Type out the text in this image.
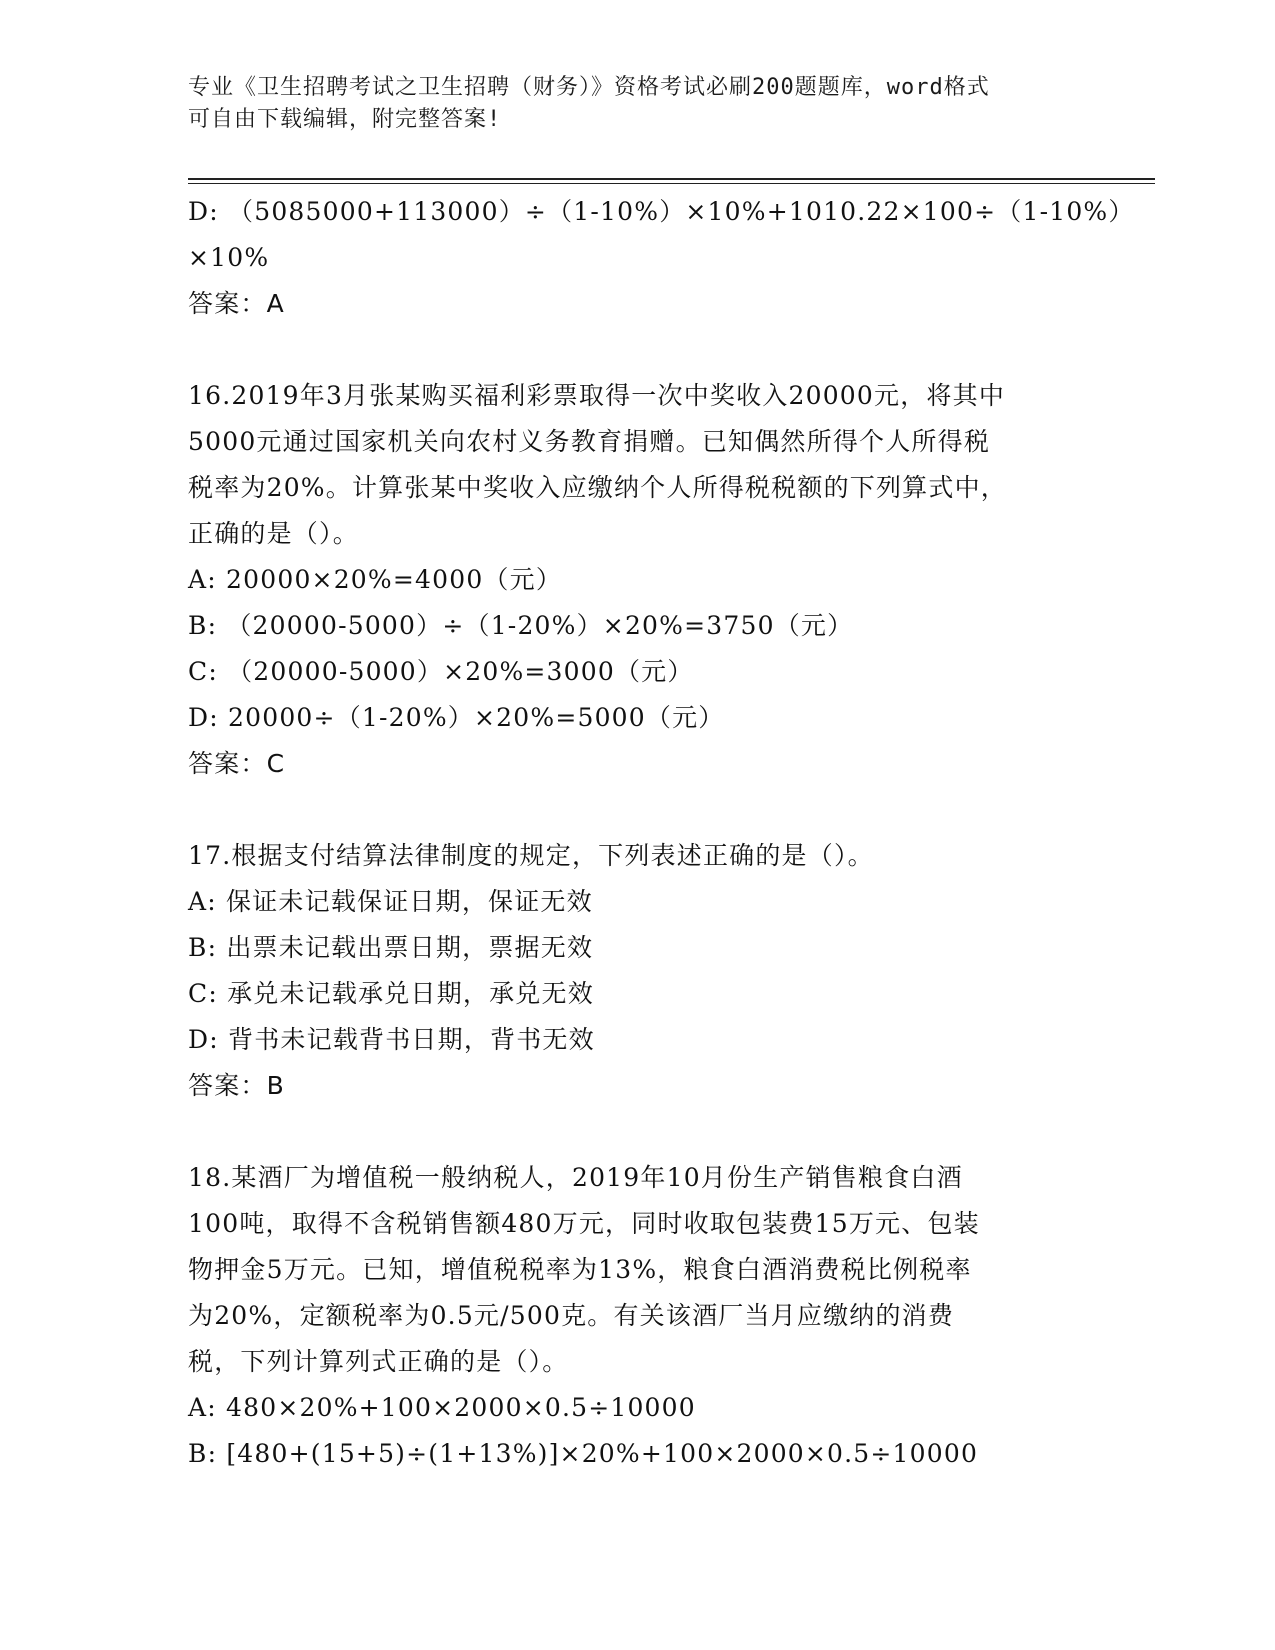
专业《卫生招聘考试之卫生招聘（财务）》资格考试必刷200题题库，word格式
可自由下载编辑，附完整答案!
D: （5085000+113000）÷（1-10%）×10%+1010.22×100÷（1-10%）
×10%
答案：A
16.2019年3月张某购买福利彩票取得一次中奖收入20000元，将其中
5000元通过国家机关向农村义务教育捐赠。已知偶然所得个人所得税
税率为20%。计算张某中奖收入应缴纳个人所得税税额的下列算式中，
正确的是（）。
A: 20000×20%=4000（元）
B: （20000-5000）÷（1-20%）×20%=3750（元）
C: （20000-5000）×20%=3000（元）
D: 20000÷（1-20%）×20%=5000（元）
答案：C
17.根据支付结算法律制度的规定，下列表述正确的是（）。
A: 保证未记载保证日期，保证无效
B: 出票未记载出票日期，票据无效
C: 承兑未记载承兑日期，承兑无效
D: 背书未记载背书日期，背书无效
答案：B
18.某酒厂为增值税一般纳税人，2019年10月份生产销售粮食白酒
100吨，取得不含税销售额480万元，同时收取包装费15万元、包装
物押金5万元。已知，增值税税率为13%，粮食白酒消费税比例税率
为20%，定额税率为0.5元/500克。有关该酒厂当月应缴纳的消费
税，下列计算列式正确的是（）。
A: 480×20%+100×2000×0.5÷10000
B: [480+(15+5)÷(1+13%)]×20%+100×2000×0.5÷10000
